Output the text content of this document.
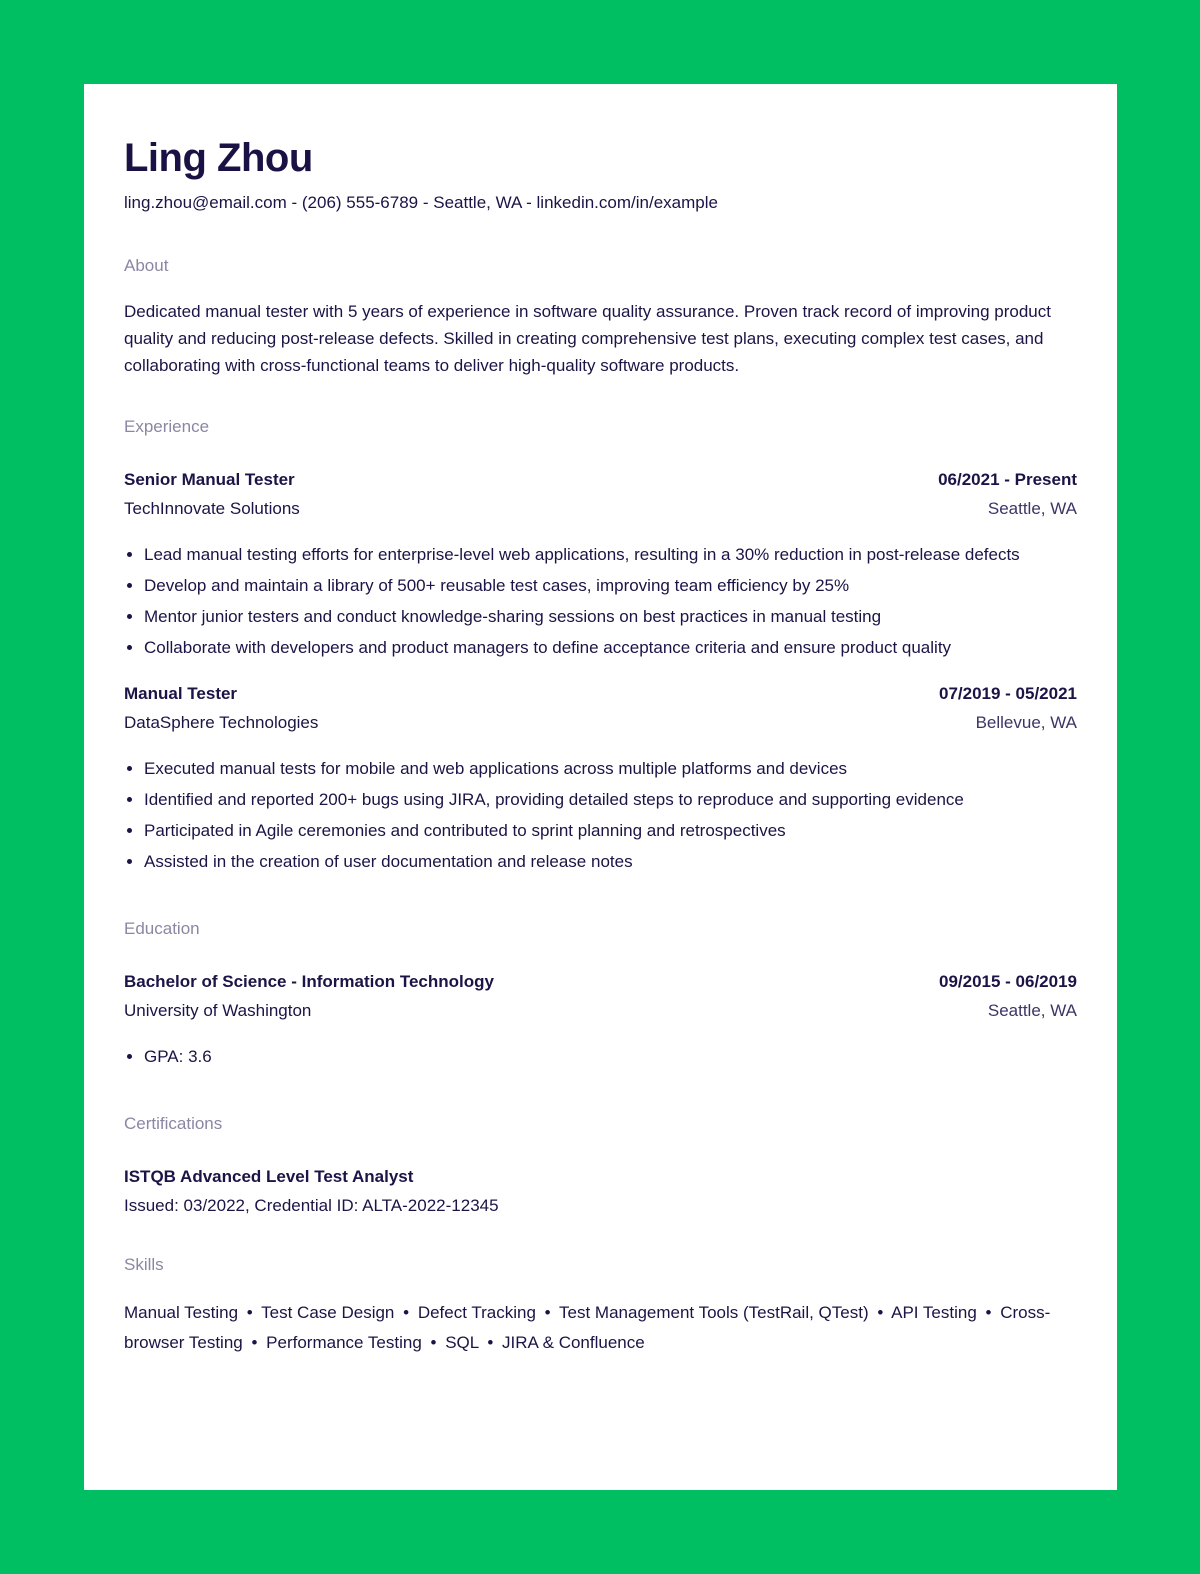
Ling Zhou
ling.zhou@email.com - (206) 555-6789 - Seattle, WA - linkedin.com/in/example
About
Dedicated manual tester with 5 years of experience in software quality assurance. Proven track record of improving product quality and reducing post-release defects. Skilled in creating comprehensive test plans, executing complex test cases, and collaborating with cross-functional teams to deliver high-quality software products.
Experience
Senior Manual Tester	06/2021 - Present
TechInnovate Solutions	Seattle, WA
• Lead manual testing efforts for enterprise-level web applications, resulting in a 30% reduction in post-release defects
• Develop and maintain a library of 500+ reusable test cases, improving team efficiency by 25%
• Mentor junior testers and conduct knowledge-sharing sessions on best practices in manual testing
• Collaborate with developers and product managers to define acceptance criteria and ensure product quality
Manual Tester	07/2019 - 05/2021
DataSphere Technologies	Bellevue, WA
• Executed manual tests for mobile and web applications across multiple platforms and devices
• Identified and reported 200+ bugs using JIRA, providing detailed steps to reproduce and supporting evidence
• Participated in Agile ceremonies and contributed to sprint planning and retrospectives
• Assisted in the creation of user documentation and release notes
Education
Bachelor of Science - Information Technology	09/2015 - 06/2019
University of Washington	Seattle, WA
• GPA: 3.6
Certifications
ISTQB Advanced Level Test Analyst
Issued: 03/2022, Credential ID: ALTA-2022-12345
Skills
Manual Testing • Test Case Design • Defect Tracking • Test Management Tools (TestRail, QTest) • API Testing • Cross-browser Testing • Performance Testing • SQL • JIRA & Confluence
